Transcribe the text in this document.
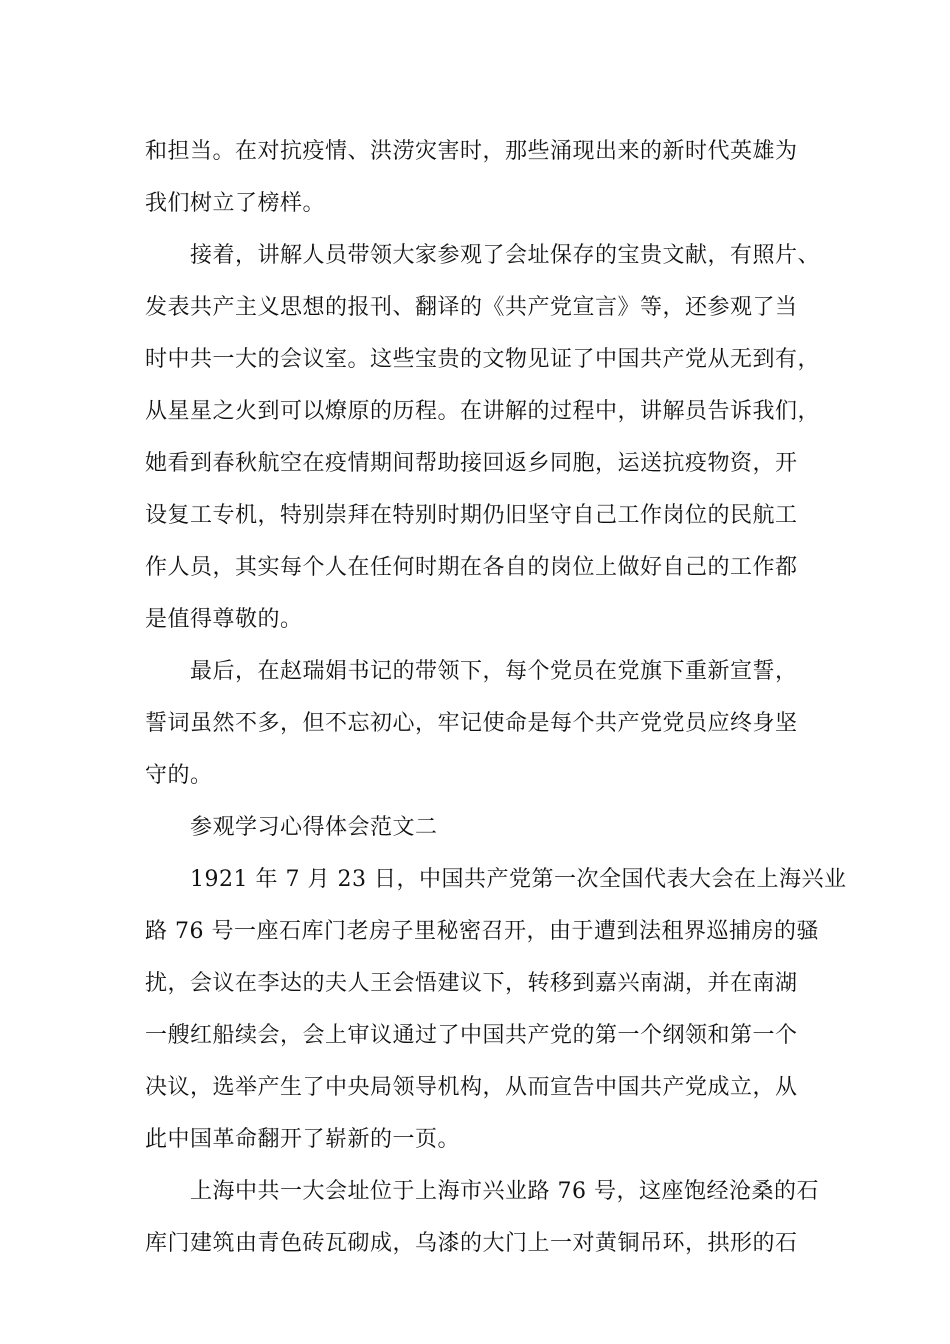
和担当。在对抗疫情、洪涝灾害时，那些涌现出来的新时代英雄为
我们树立了榜样。
接着，讲解人员带领大家参观了会址保存的宝贵文献，有照片、
发表共产主义思想的报刊、翻译的《共产党宣言》等，还参观了当
时中共一大的会议室。这些宝贵的文物见证了中国共产党从无到有，
从星星之火到可以燎原的历程。在讲解的过程中，讲解员告诉我们，
她看到春秋航空在疫情期间帮助接回返乡同胞，运送抗疫物资，开
设复工专机，特别崇拜在特别时期仍旧坚守自己工作岗位的民航工
作人员，其实每个人在任何时期在各自的岗位上做好自己的工作都
是值得尊敬的。
最后，在赵瑞娟书记的带领下，每个党员在党旗下重新宣誓，
誓词虽然不多，但不忘初心，牢记使命是每个共产党党员应终身坚
守的。
参观学习心得体会范文二
1921 年 7 月 23 日，中国共产党第一次全国代表大会在上海兴业
路 76 号一座石库门老房子里秘密召开，由于遭到法租界巡捕房的骚
扰，会议在李达的夫人王会悟建议下，转移到嘉兴南湖，并在南湖
一艘红船续会，会上审议通过了中国共产党的第一个纲领和第一个
决议，选举产生了中央局领导机构，从而宣告中国共产党成立，从
此中国革命翻开了崭新的一页。
上海中共一大会址位于上海市兴业路 76 号，这座饱经沧桑的石
库门建筑由青色砖瓦砌成，乌漆的大门上一对黄铜吊环，拱形的石
